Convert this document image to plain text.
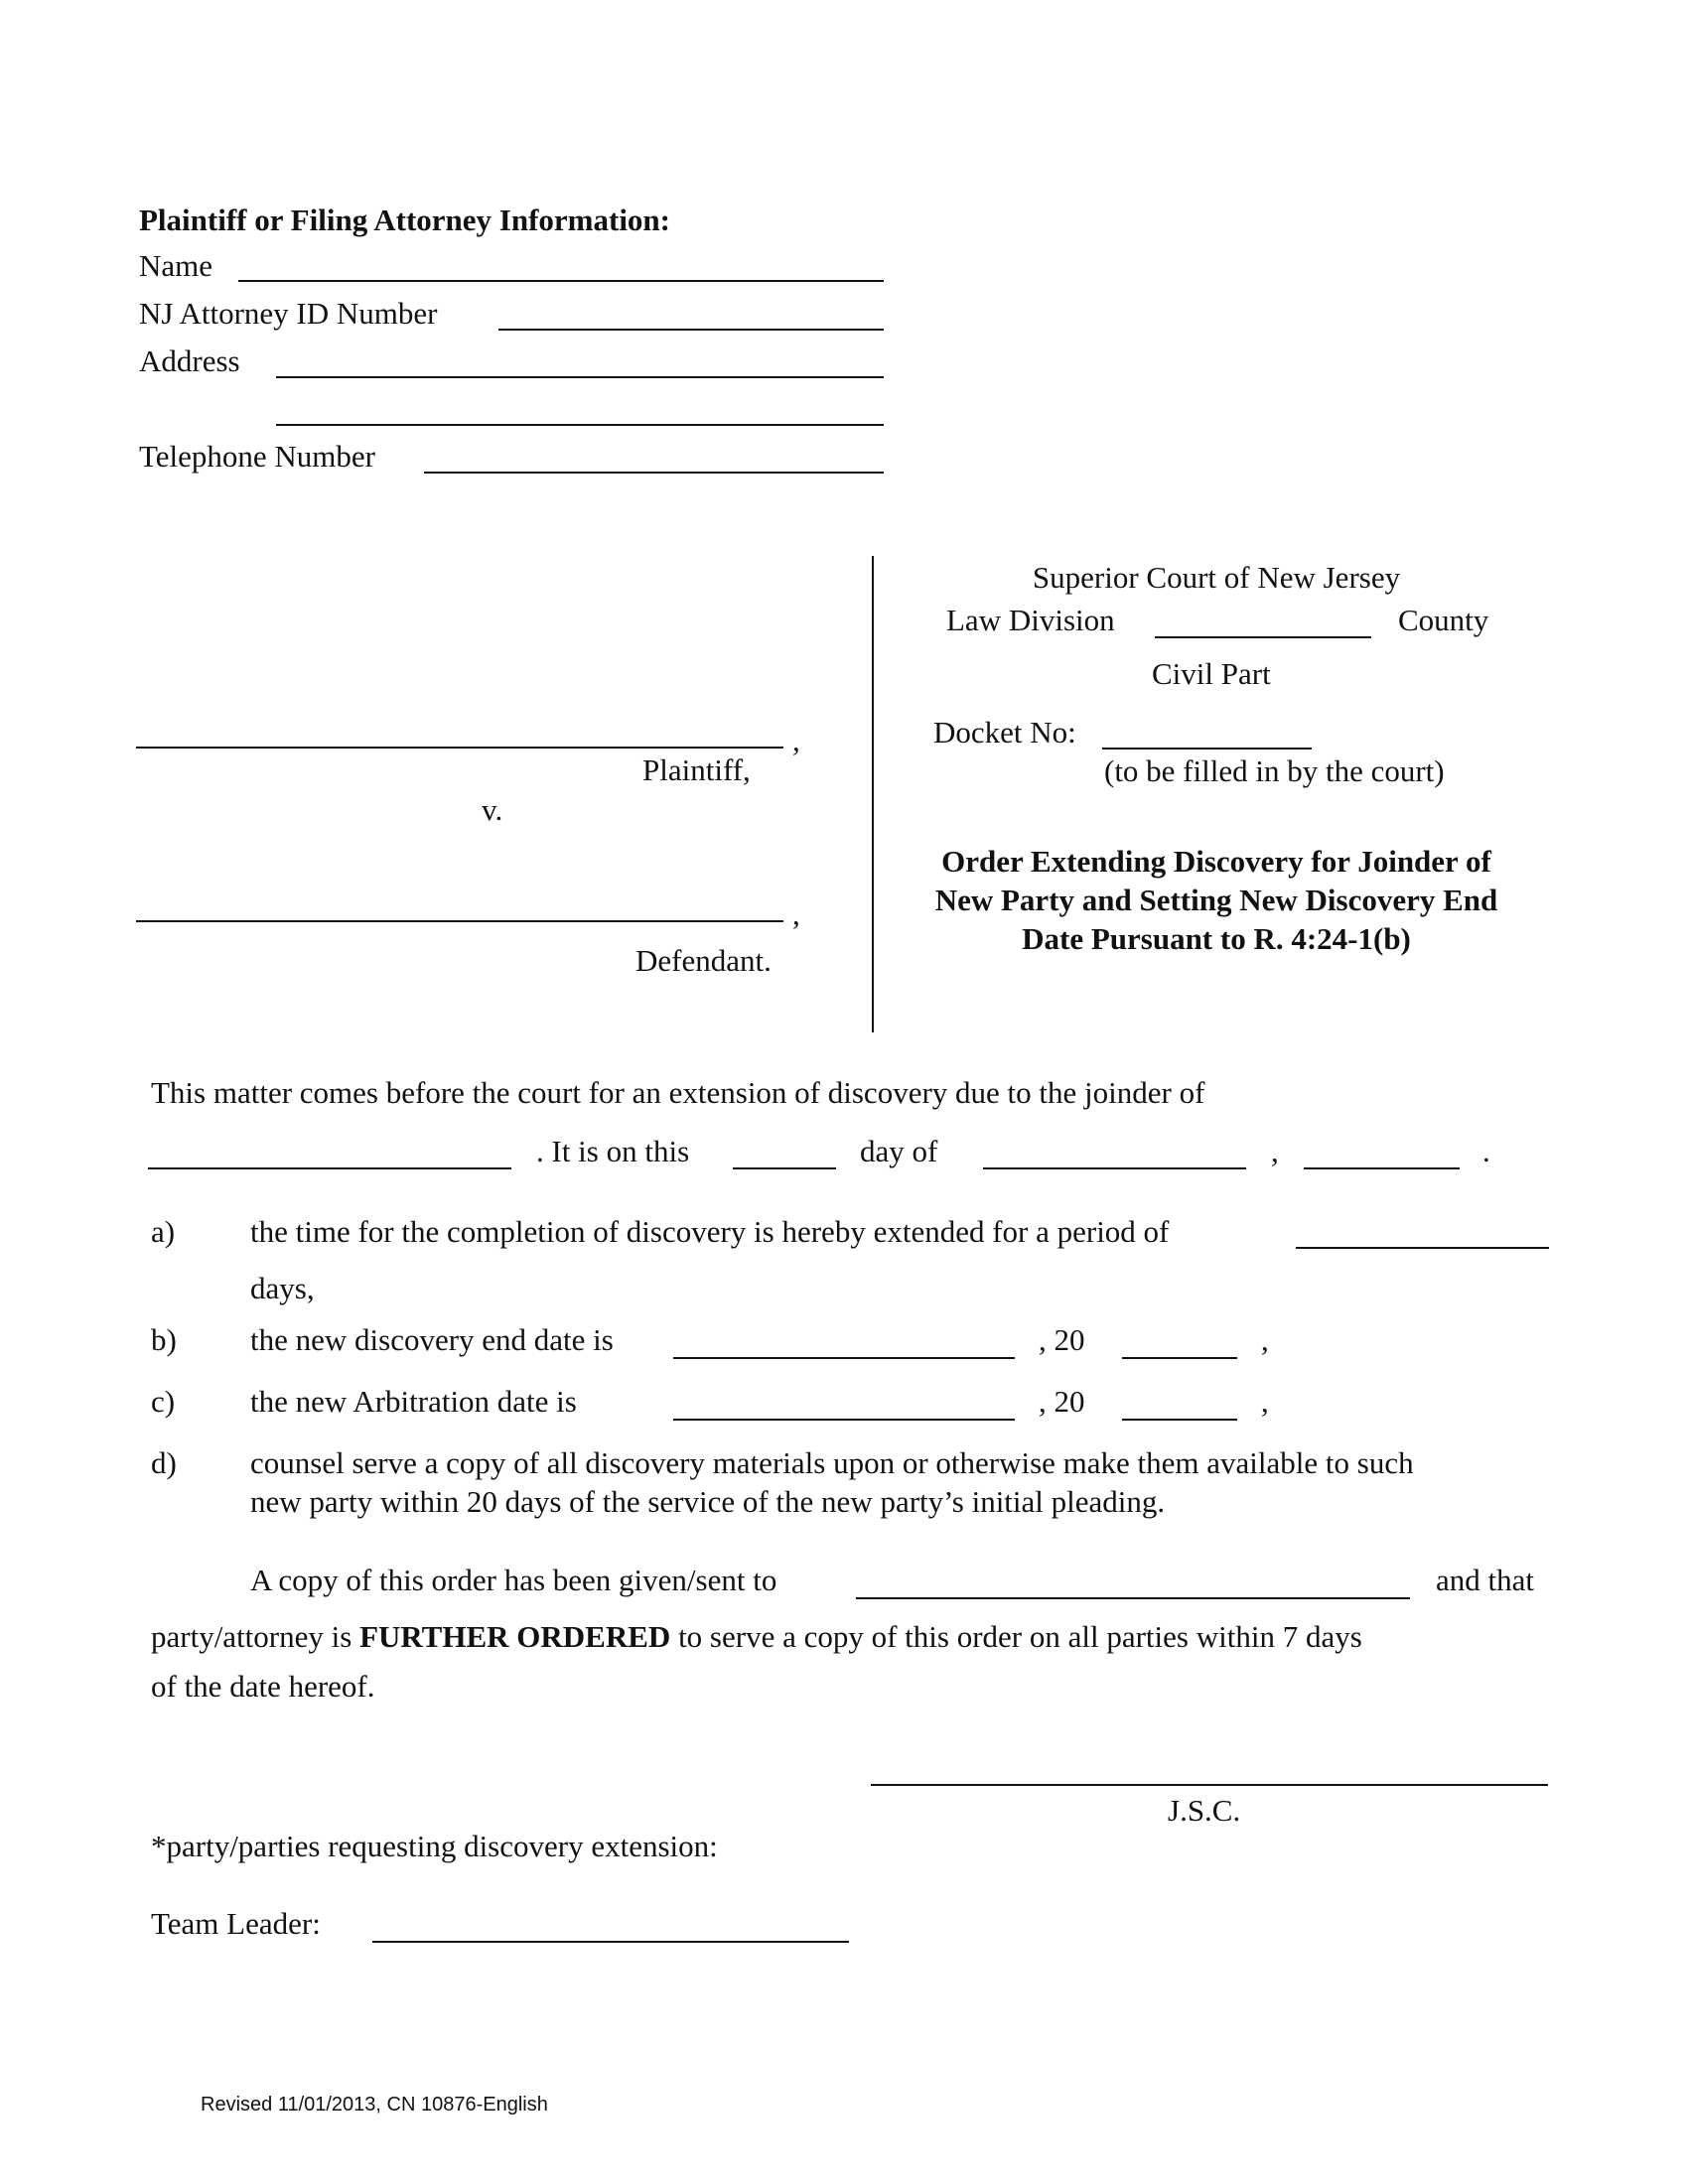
Plaintiff or Filing Attorney Information:
Name
NJ Attorney ID Number
Address
Telephone Number
,
Plaintiff,
v.
,
Defendant.
Superior Court of New Jersey
Law Division	County
Civil Part
Docket No:
(to be filled in by the court)
Order Extending Discovery for Joinder of
New Party and Setting New Discovery End
Date Pursuant to R. 4:24-1(b)
This matter comes before the court for an extension of discovery due to the joinder of
. It is on this	day of	,	.
a) the time for the completion of discovery is hereby extended for a period of
days,
b) the new discovery end date is	, 20	,
c) the new Arbitration date is	, 20	,
d) counsel serve a copy of all discovery materials upon or otherwise make them available to such
new party within 20 days of the service of the new party’s initial pleading.
A copy of this order has been given/sent to	and that
party/attorney is FURTHER ORDERED to serve a copy of this order on all parties within 7 days
of the date hereof.
J.S.C.
*party/parties requesting discovery extension:
Team Leader:
Revised 11/01/2013, CN 10876-English
